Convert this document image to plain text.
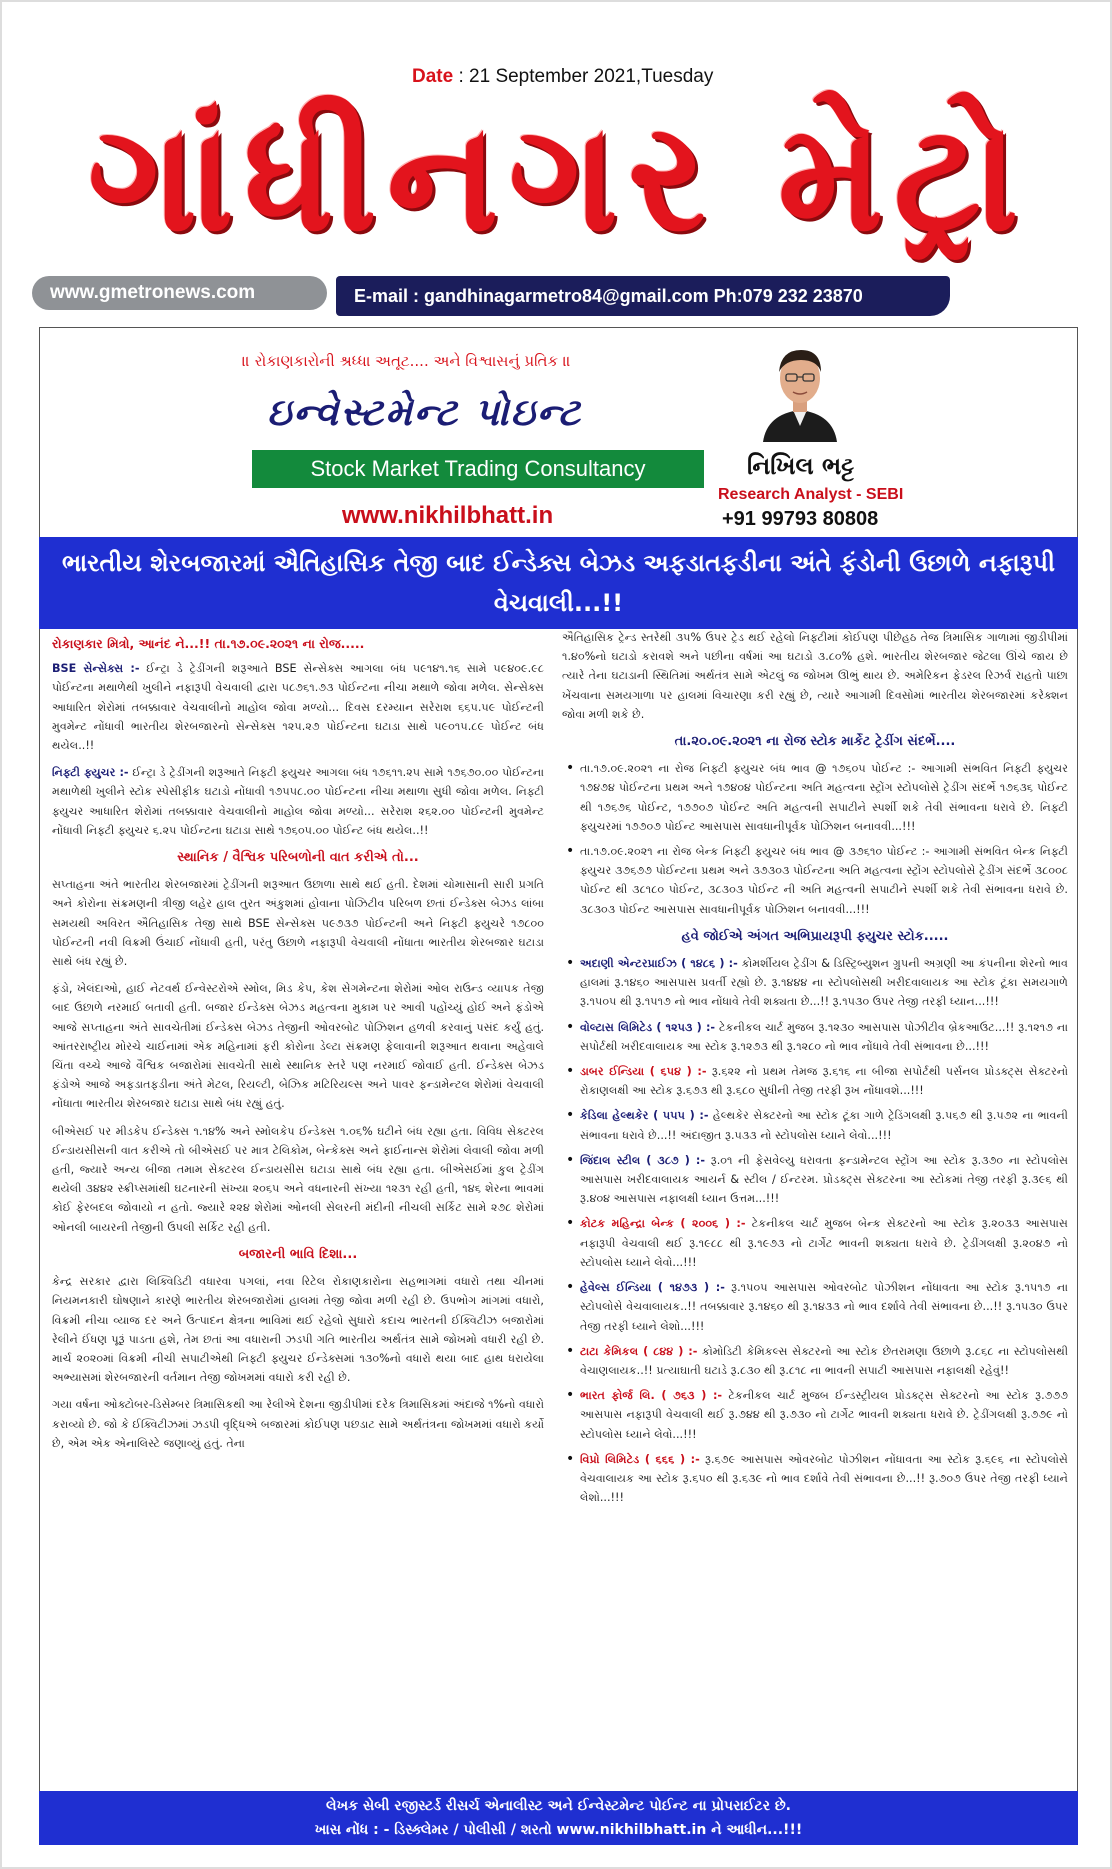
Date : 21 September 2021,Tuesday
ગાંધીનગર મેટ્રો
www.gmetronews.com	E-mail : gandhinagarmetro84@gmail.com Ph:079 232 23870
॥ રોકાણકારોની શ્રધ્ધા અતૂટ.... અને વિશ્વાસનું પ્રતિક ॥
ઇન્વેસ્ટમેન્ટ પોઇન્ટ
Stock Market Trading Consultancy
www.nikhilbhatt.in
નિખિલ ભટ્ટ
Research Analyst - SEBI
+91 99793 80808
ભારતીય શેરબજારમાં ઐતિહાસિક તેજી બાદ ઈન્ડેક્સ બેઝડ અફડાતફડીના અંતે ફંડોની ઉછાળે નફારૂપી વેચવાલી...!!

રોકાણકાર મિત્રો, આનંદ ને...!! તા.૧૭.૦૯.૨૦૨૧ ના રોજ.....

BSE સેન્સેક્સ :- ઈન્ટ્રા ડે ટ્રેડીંગની શરૂઆતે BSE સેન્સેક્સ આગલા બંધ ૫૯૧૪૧.૧૬ સામે ૫૯૪૦૯.૯૮ પોઈન્ટના મથાળેથી ખુલીને નફારૂપી વેચવાલી દ્વારા ૫૮૭૬૧.૭૩ પોઈન્ટના નીચા મથાળે જોવા મળેલ. સેન્સેક્સ આધારિત શેરોમાં તબક્કાવાર વેચવાલીનો માહોલ જોવા મળ્યો... દિવસ દરમ્યાન સરેરાશ ૬૬૫.૫૯ પોઈન્ટની મુવમેન્ટ નોંધાવી ભારતીય શેરબજારનો સેન્સેક્સ ૧૨૫.૨૭ પોઈન્ટના ઘટાડા સાથે ૫૯૦૧૫.૮૯ પોઈન્ટ બંધ થયેલ..!!

નિફ્ટી ફ્યુચર :- ઈન્ટ્રા ડે ટ્રેડીંગની શરૂઆતે નિફ્ટી ફ્યુચર આગલા બંધ ૧૭૬૧૧.૨૫ સામે ૧૭૬૭૦.૦૦ પોઈન્ટના મથાળેથી ખુલીને સ્ટોક સ્પેસીફીક ઘટાડો નોંધાવી ૧૭૫૫૮.૦૦ પોઈન્ટના નીચા મથાળા સુધી જોવા મળેલ. નિફ્ટી ફ્યુચર આધારિત શેરોમાં તબક્કાવાર વેચવાલીનો માહોલ જોવા મળ્યો... સરેરાશ ૨૬૨.૦૦ પોઈન્ટની મુવમેન્ટ નોંધાવી નિફ્ટી ફ્યુચર ૬.૨૫ પોઈન્ટના ઘટાડા સાથે ૧૭૬૦૫.૦૦ પોઈન્ટ બંધ થયેલ..!!

સ્થાનિક / વૈશ્વિક પરિબળોની વાત કરીએ તો...

સપ્તાહના અંતે ભારતીય શેરબજારમાં ટ્રેડીંગની શરૂઆત ઉછાળા સાથે થઈ હતી. દેશમાં ચોમાસાની સારી પ્રગતિ અને કોરોના સંક્રમણની ત્રીજી લહેર હાલ તુરત અંકુશમાં હોવાના પોઝિટીવ પરિબળ છતાં ઈન્ડેક્સ બેઝડ લાંબા સમયથી અવિરત ઐતિહાસિક તેજી સાથે BSE સેન્સેક્સ ૫૯૭૩૭ પોઈન્ટની અને નિફ્ટી ફ્યુચરે ૧૭૮૦૦ પોઈન્ટની નવી વિક્રમી ઉંચાઈ નોંધાવી હતી, પરંતુ ઉછાળે નફારૂપી વેચવાલી નોંધાતા ભારતીય શેરબજાર ઘટાડા સાથે બંધ રહ્યું છે.

ફંડો, ખેલંદાઓ, હાઈ નેટવર્થ ઈન્વેસ્ટરોએ સ્મોલ, મિડ કેપ, કેશ સેગમેન્ટના શેરોમાં ઓલ રાઉન્ડ વ્યાપક તેજી બાદ ઉછાળે નરમાઈ બતાવી હતી. બજાર ઈન્ડેક્સ બેઝડ મહત્વના મુકામ પર આવી પહોંચ્યું હોઈ અને ફંડોએ આજે સપ્તાહના અંતે સાવચેતીમાં ઈન્ડેક્સ બેઝડ તેજીની ઓવરબોટ પોઝિશન હળવી કરવાનું પસંદ કર્યું હતું. આંતરરાષ્ટ્રીય મોરચે ચાઈનામાં એક મહિનામાં ફરી કોરોના ડેલ્ટા સંક્રમણ ફેલાવાની શરૂઆત થવાના અહેવાલે ચિંતા વચ્ચે આજે વૈશ્વિક બજારોમાં સાવચેતી સાથે સ્થાનિક સ્તરે પણ નરમાઈ જોવાઈ હતી. ઈન્ડેક્સ બેઝડ ફંડોએ આજે અફડાતફડીના અંતે મેટલ, રિયલ્ટી, બેઝિક મટિરિયલ્સ અને પાવર ફન્ડામેન્ટલ શેરોમાં વેચવાલી નોંધાતા ભારતીય શેરબજાર ઘટાડા સાથે બંધ રહ્યું હતું.

બીએસઈ પર મીડકેપ ઈન્ડેક્સ ૧.૧૪% અને સ્મોલકેપ ઈન્ડેક્સ ૧.૦૬% ઘટીને બંધ રહ્યા હતા. વિવિધ સેક્ટરલ ઈન્ડાયસીસની વાત કરીએ તો બીએસઈ પર માત્ર ટેલિકોમ, બેન્કેક્સ અને ફાઈનાન્સ શેરોમાં લેવાલી જોવા મળી હતી, જ્યારે અન્ય બીજા તમામ સેક્ટરલ ઈન્ડાયસીસ ઘટાડા સાથે બંધ રહ્યા હતા. બીએસઈમાં કુલ ટ્રેડીંગ થયેલી ૩૪૪૨ સ્ક્રીપ્સમાંથી ઘટનારની સંખ્યા ૨૦૬૫ અને વધનારની સંખ્યા ૧૨૩૧ રહી હતી, ૧૪૬ શેરના ભાવમાં કોઈ ફેરબદલ જોવાયો ન હતો. જ્યારે ૨૨૪ શેરોમાં ઓનલી સેલરની મંદીની નીચલી સર્કિટ સામે ૨૭૮ શેરોમાં ઓનલી બાયરની તેજીની ઉપલી સર્કિટ રહી હતી.

બજારની ભાવિ દિશા...

કેન્દ્ર સરકાર દ્વારા લિક્વિડિટી વધારવા પગલાં, નવા રિટેલ રોકાણકારોના સહભાગમાં વધારો તથા ચીનમાં નિયમનકારી ઘોષણાને કારણે ભારતીય શેરબજારોમાં હાલમાં તેજી જોવા મળી રહી છે. ઉપભોગ માંગમાં વધારો, વિક્રમી નીચા વ્યાજ દર અને ઉત્પાદન ક્ષેત્રના ભાવિમાં થઈ રહેલો સુધારો કદાચ ભારતની ઈક્વિટીઝ બજારોમાં રેલીને ઈંધણ પૂરૂં પાડતા હશે, તેમ છતાં આ વધારાની ઝડપી ગતિ ભારતીય અર્થતંત્ર સામે જોખમો વધારી રહી છે. માર્ચ ૨૦૨૦માં વિક્રમી નીચી સપાટીએથી નિફ્ટી ફ્યુચર ઈન્ડેક્સમાં ૧૩૦%નો વધારો થયા બાદ હાથ ધરાયેલા અભ્યાસમાં શેરબજારની વર્તમાન તેજી જોખમમાં વધારો કરી રહી છે.

ગયા વર્ષના ઓક્ટોબર-ડિસેમ્બર ત્રિમાસિકથી આ રેલીએ દેશના જીડીપીમાં દરેક ત્રિમાસિકમાં અંદાજે ૧%નો વધારો કરાવ્યો છે. જો કે ઈક્વિટીઝમાં ઝડપી વૃદ્ધિએ બજારમાં કોઈપણ પછડાટ સામે અર્થતંત્રના જોખમમાં વધારો કર્યો છે, એમ એક એનાલિસ્ટે જણાવ્યું હતું. તેના

ઐતિહાસિક ટ્રેન્ડ સ્તરેથી ૩૫% ઉપર ટ્રેડ થઈ રહેલો નિફ્ટીમાં કોઈપણ પીછેહઠ તેજ ત્રિમાસિક ગાળામાં જીડીપીમાં ૧.૪૦%નો ઘટાડો કરાવશે અને પછીના વર્ષમાં આ ઘટાડો ૩.૮૦% હશે. ભારતીય શેરબજાર જેટલા ઊંચે જાય છે ત્યારે તેના ઘટાડાની સ્થિતિમાં અર્થતંત્ર સામે એટલું જ જોખમ ઊભું થાય છે. અમેરિકન ફેડરલ રિઝર્વ રાહતો પાછા ખેંચવાના સમયગાળા પર હાલમાં વિચારણા કરી રહ્યું છે, ત્યારે આગામી દિવસોમાં ભારતીય શેરબજારમાં કરેક્શન જોવા મળી શકે છે.

તા.૨૦.૦૯.૨૦૨૧ ના રોજ સ્ટોક માર્કેટ ટ્રેડીંગ સંદર્ભે....

• તા.૧૭.૦૯.૨૦૨૧ ના રોજ નિફ્ટી ફ્યુચર બંધ ભાવ @ ૧૭૬૦૫ પોઈન્ટ :- આગામી સંભવિત નિફ્ટી ફ્યુચર ૧૭૪૭૪ પોઈન્ટના પ્રથમ અને ૧૭૪૦૪ પોઈન્ટના અતિ મહત્વના સ્ટ્રોંગ સ્ટોપલોસે ટ્રેડીંગ સંદર્ભે ૧૭૬૩૬ પોઈન્ટ થી ૧૭૬૭૬ પોઈન્ટ, ૧૭૭૦૭ પોઈન્ટ અતિ મહત્વની સપાટીને સ્પર્શી શકે તેવી સંભાવના ધરાવે છે. નિફ્ટી ફ્યુચરમાં ૧૭૭૦૭ પોઈન્ટ આસપાસ સાવધાનીપૂર્વક પોઝિશન બનાવવી...!!!
• તા.૧૭.૦૯.૨૦૨૧ ના રોજ બેન્ક નિફ્ટી ફ્યુચર બંધ ભાવ @ ૩૭૬૧૦ પોઈન્ટ :- આગામી સંભવિત બેન્ક નિફ્ટી ફ્યુચર ૩૭૬૭૭ પોઈન્ટના પ્રથમ અને ૩૭૩૦૩ પોઈન્ટના અતિ મહત્વના સ્ટ્રોંગ સ્ટોપલોસે ટ્રેડીંગ સંદર્ભે ૩૮૦૦૮ પોઈન્ટ થી ૩૮૧૮૦ પોઈન્ટ, ૩૮૩૦૩ પોઈન્ટ ની અતિ મહત્વની સપાટીને સ્પર્શી શકે તેવી સંભાવના ધરાવે છે. ૩૮૩૦૩ પોઈન્ટ આસપાસ સાવધાનીપૂર્વક પોઝિશન બનાવવી...!!!

હવે જોઈએ અંગત અભિપ્રાયરૂપી ફ્યુચર સ્ટોક.....

• અદાણી એન્ટરપ્રાઈઝ ( ૧૪૮૬ ) :- કોમર્શીયલ ટ્રેડીંગ & ડિસ્ટ્રિબ્યુશન ગ્રુપની અગ્રણી આ કંપનીના શેરનો ભાવ હાલમાં રૂ.૧૪૬૦ આસપાસ પ્રવર્તી રહ્યો છે. રૂ.૧૪૪૪ ના સ્ટોપલોસથી ખરીદવાલાયક આ સ્ટોક ટૂંકા સમયગાળે રૂ.૧૫૦૫ થી રૂ.૧૫૧૭ નો ભાવ નોંધાવે તેવી શક્યતા છે...!! રૂ.૧૫૩૦ ઉપર તેજી તરફી ધ્યાન...!!!
• વોલ્ટાસ લિમિટેડ ( ૧૨૫૩ ) :- ટેકનીકલ ચાર્ટ મુજબ રૂ.૧૨૩૦ આસપાસ પોઝીટીવ બ્રેકઆઉટ...!! રૂ.૧૨૧૭ ના સપોર્ટથી ખરીદવાલાયક આ સ્ટોક રૂ.૧૨૭૩ થી રૂ.૧૨૮૦ નો ભાવ નોંધાવે તેવી સંભાવના છે...!!!
• ડાબર ઈન્ડિયા ( ૬૫૪ ) :- રૂ.૬૨૨ નો પ્રથમ તેમજ રૂ.૬૧૬ ના બીજા સપોર્ટથી પર્સનલ પ્રોડક્ટ્સ સેક્ટરનો રોકાણલક્ષી આ સ્ટોક રૂ.૬૭૩ થી રૂ.૬૮૦ સુધીની તેજી તરફી રૂખ નોંધાવશે...!!!
• કેડિલા હેલ્થકેર ( ૫૫૫ ) :- હેલ્થકેર સેક્ટરનો આ સ્ટોક ટૂંકા ગાળે ટ્રેડિંગલક્ષી રૂ.૫૬૭ થી રૂ.૫૭૨ ના ભાવની સંભાવના ધરાવે છે...!! અંદાજીત રૂ.૫૩૩ નો સ્ટોપલોસ ધ્યાને લેવો...!!!
• જિંદાલ સ્ટીલ ( ૩૮૭ ) :- રૂ.૦૧ ની ફેસવેલ્યુ ધરાવતા ફન્ડામેન્ટલ સ્ટ્રોંગ આ સ્ટોક રૂ.૩૭૦ ના સ્ટોપલોસ આસપાસ ખરીદવાલાયક આયર્ન & સ્ટીલ / ઈન્ટરમ. પ્રોડક્ટ્સ સેક્ટરના આ સ્ટોકમાં તેજી તરફી રૂ.૩૯૬ થી રૂ.૪૦૪ આસપાસ નફાલક્ષી ધ્યાન ઉત્તમ...!!!
• કોટક મહિન્દ્રા બેન્ક ( ૨૦૦૬ ) :- ટેકનીકલ ચાર્ટ મુજબ બેન્ક સેક્ટરનો આ સ્ટોક રૂ.૨૦૩૩ આસપાસ નફારૂપી વેચવાલી થઈ રૂ.૧૯૮૮ થી રૂ.૧૯૭૩ નો ટાર્ગેટ ભાવની શક્યતા ધરાવે છે. ટ્રેડીંગલક્ષી રૂ.૨૦૪૭ નો સ્ટોપલોસ ધ્યાને લેવો...!!!
• હેવેલ્સ ઈન્ડિયા ( ૧૪૭૩ ) :- રૂ.૧૫૦૫ આસપાસ ઓવરબોટ પોઝીશન નોંધાવતા આ સ્ટોક રૂ.૧૫૧૭ ના સ્ટોપલોસે વેચવાલાયક..!! તબક્કાવાર રૂ.૧૪૬૦ થી રૂ.૧૪૩૩ નો ભાવ દર્શાવે તેવી સંભાવના છે...!! રૂ.૧૫૩૦ ઉપર તેજી તરફી ધ્યાને લેશો...!!!
• ટાટા કેમિકલ ( ૮૪૪ ) :- કોમોડિટી કેમિકલ્સ સેક્ટરનો આ સ્ટોક છેતરામણા ઉછાળે રૂ.૮૬૮ ના સ્ટોપલોસથી વેચાણલાયક..!! પ્રત્યાઘાતી ઘટાડે રૂ.૮૩૦ થી રૂ.૮૧૮ ના ભાવની સપાટી આસપાસ નફાલક્ષી રહેવું!!
• ભારત ફોર્જ લિ. ( ૭૬૩ ) :- ટેકનીકલ ચાર્ટ મુજબ ઈન્ડસ્ટ્રીયલ પ્રોડક્ટ્સ સેક્ટરનો આ સ્ટોક રૂ.૭૭૭ આસપાસ નફારૂપી વેચવાલી થઈ રૂ.૭૪૪ થી રૂ.૭૩૦ નો ટાર્ગેટ ભાવની શક્યતા ધરાવે છે. ટ્રેડીંગલક્ષી રૂ.૭૭૯ નો સ્ટોપલોસ ધ્યાને લેવો...!!!
• વિપ્રો લિમિટેડ ( ૬૬૬ ) :- રૂ.૬૭૯ આસપાસ ઓવરબોટ પોઝીશન નોંધાવતા આ સ્ટોક રૂ.૬૯૬ ના સ્ટોપલોસે વેચવાલાયક આ સ્ટોક રૂ.૬૫૦ થી રૂ.૬૩૯ નો ભાવ દર્શાવે તેવી સંભાવના છે...!! રૂ.૭૦૭ ઉપર તેજી તરફી ધ્યાને લેશો...!!!
લેખક સેબી રજીસ્ટર્ડ રીસર્ચ એનાલીસ્ટ અને ઈન્વેસ્ટમેન્ટ પોઈન્ટ ના પ્રોપરાઈટર છે.
ખાસ નોંધ : - ડિસ્ક્લેમર / પોલીસી / શરતો www.nikhilbhatt.in ને આધીન...!!!
